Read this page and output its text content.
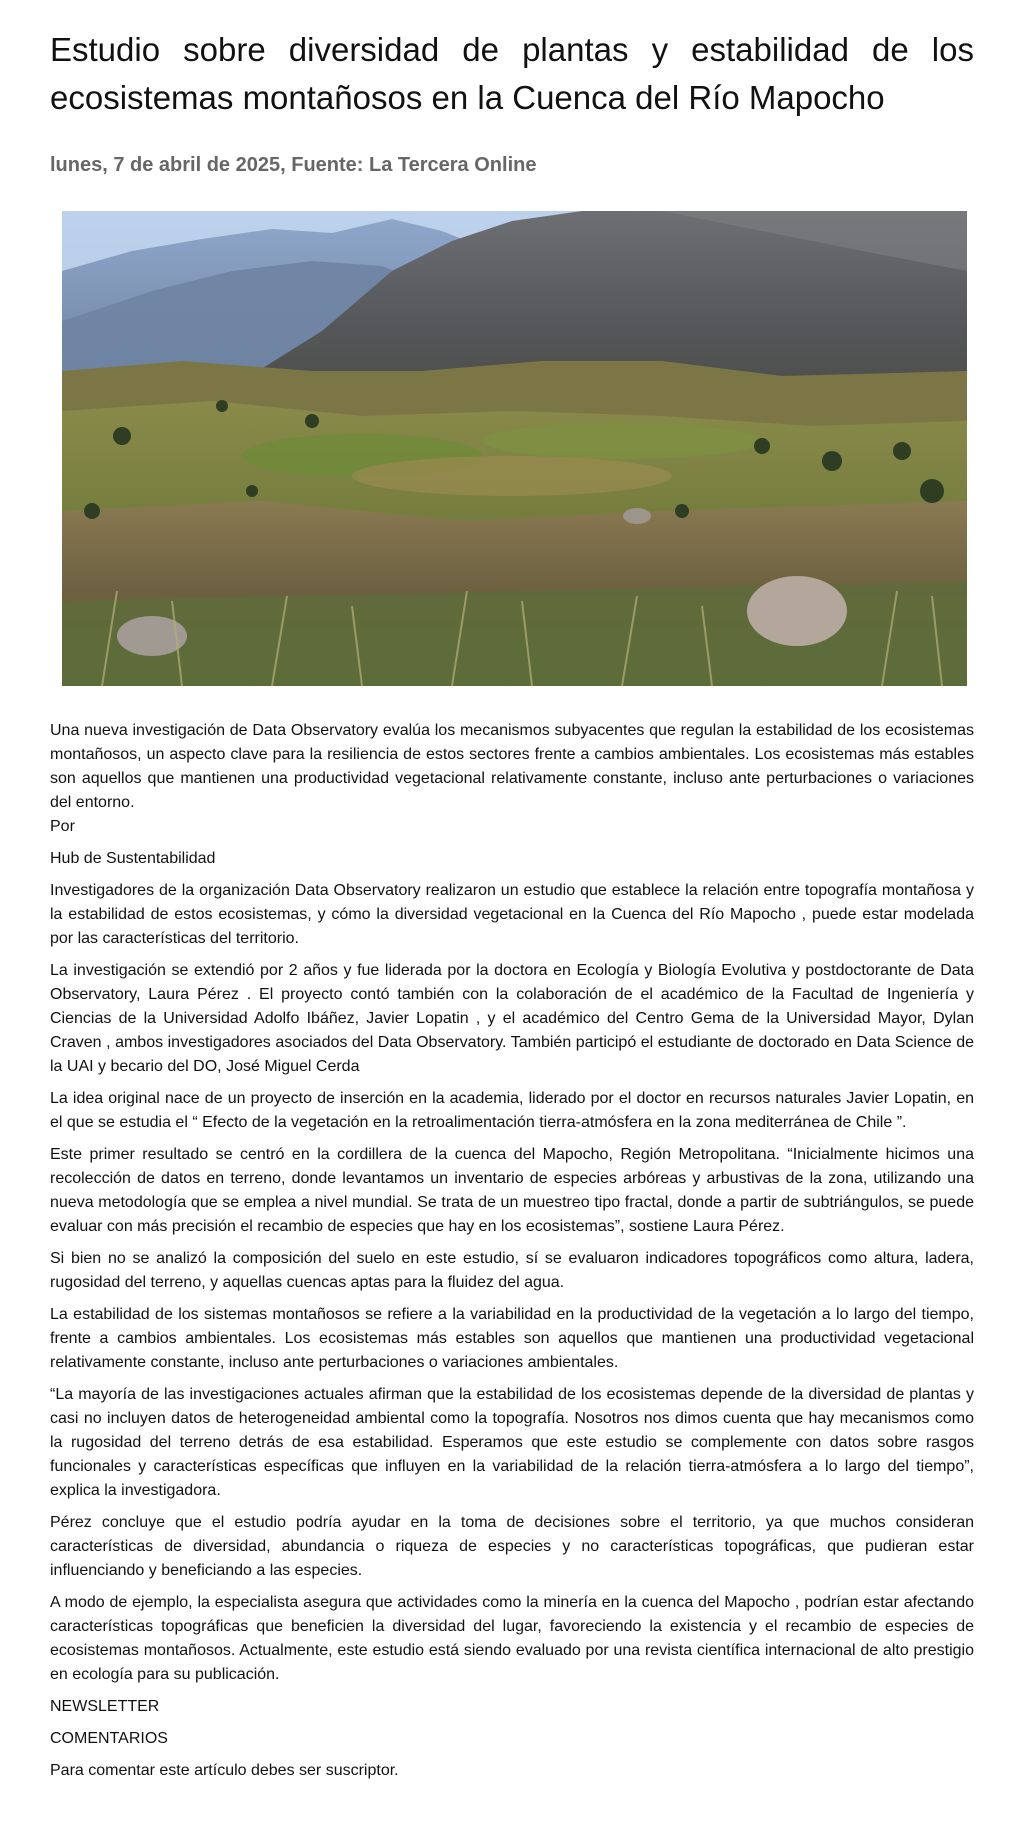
Estudio sobre diversidad de plantas y estabilidad de los ecosistemas montañosos en la Cuenca del Río Mapocho
lunes, 7 de abril de 2025, Fuente: La Tercera Online

Una nueva investigación de Data Observatory evalúa los mecanismos subyacentes que regulan la estabilidad de los ecosistemas montañosos, un aspecto clave para la resiliencia de estos sectores frente a cambios ambientales. Los ecosistemas más estables son aquellos que mantienen una productividad vegetacional relativamente constante, incluso ante perturbaciones o variaciones del entorno.

Por

Hub de Sustentabilidad

Investigadores de la organización Data Observatory realizaron un estudio que establece la relación entre topografía montañosa y la estabilidad de estos ecosistemas, y cómo la diversidad vegetacional en la Cuenca del Río Mapocho , puede estar modelada por las características del territorio.

La investigación se extendió por 2 años y fue liderada por la doctora en Ecología y Biología Evolutiva y postdoctorante de Data Observatory, Laura Pérez . El proyecto contó también con la colaboración de el académico de la Facultad de Ingeniería y Ciencias de la Universidad Adolfo Ibáñez, Javier Lopatin , y el académico del Centro Gema de la Universidad Mayor, Dylan Craven , ambos investigadores asociados del Data Observatory. También participó el estudiante de doctorado en Data Science de la UAI y becario del DO, José Miguel Cerda

La idea original nace de un proyecto de inserción en la academia, liderado por el doctor en recursos naturales Javier Lopatin, en el que se estudia el “ Efecto de la vegetación en la retroalimentación tierra-atmósfera en la zona mediterránea de Chile ”.

Este primer resultado se centró en la cordillera de la cuenca del Mapocho, Región Metropolitana. “Inicialmente hicimos una recolección de datos en terreno, donde levantamos un inventario de especies arbóreas y arbustivas de la zona, utilizando una nueva metodología que se emplea a nivel mundial. Se trata de un muestreo tipo fractal, donde a partir de subtriángulos, se puede evaluar con más precisión el recambio de especies que hay en los ecosistemas”, sostiene Laura Pérez.

Si bien no se analizó la composición del suelo en este estudio, sí se evaluaron indicadores topográficos como altura, ladera, rugosidad del terreno, y aquellas cuencas aptas para la fluidez del agua.

La estabilidad de los sistemas montañosos se refiere a la variabilidad en la productividad de la vegetación a lo largo del tiempo, frente a cambios ambientales. Los ecosistemas más estables son aquellos que mantienen una productividad vegetacional relativamente constante, incluso ante perturbaciones o variaciones ambientales.

“La mayoría de las investigaciones actuales afirman que la estabilidad de los ecosistemas depende de la diversidad de plantas y casi no incluyen datos de heterogeneidad ambiental como la topografía. Nosotros nos dimos cuenta que hay mecanismos como la rugosidad del terreno detrás de esa estabilidad. Esperamos que este estudio se complemente con datos sobre rasgos funcionales y características específicas que influyen en la variabilidad de la relación tierra-atmósfera a lo largo del tiempo”, explica la investigadora.

Pérez concluye que el estudio podría ayudar en la toma de decisiones sobre el territorio, ya que muchos consideran características de diversidad, abundancia o riqueza de especies y no características topográficas, que pudieran estar influenciando y beneficiando a las especies.

A modo de ejemplo, la especialista asegura que actividades como la minería en la cuenca del Mapocho , podrían estar afectando características topográficas que beneficien la diversidad del lugar, favoreciendo la existencia y el recambio de especies de ecosistemas montañosos. Actualmente, este estudio está siendo evaluado por una revista científica internacional de alto prestigio en ecología para su publicación.

NEWSLETTER

COMENTARIOS

Para comentar este artículo debes ser suscriptor.
